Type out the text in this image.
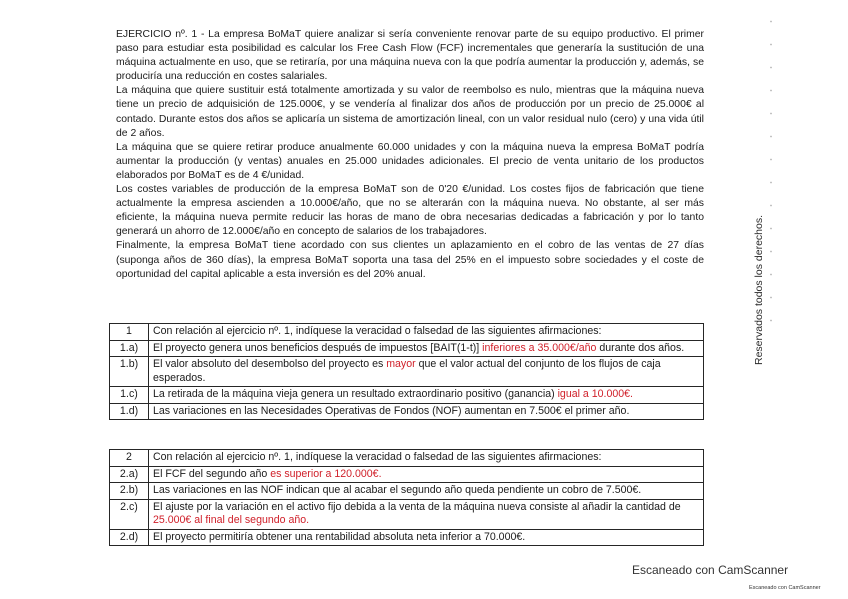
EJERCICIO nº. 1 - La empresa BoMaT quiere analizar si sería conveniente renovar parte de su equipo productivo. El primer paso para estudiar esta posibilidad es calcular los Free Cash Flow (FCF) incrementales que generaría la sustitución de una máquina actualmente en uso, que se retiraría, por una máquina nueva con la que podría aumentar la producción y, además, se produciría una reducción en costes salariales.

La máquina que quiere sustituir está totalmente amortizada y su valor de reembolso es nulo, mientras que la máquina nueva tiene un precio de adquisición de 125.000€, y se vendería al finalizar dos años de producción por un precio de 25.000€ al contado. Durante estos dos años se aplicaría un sistema de amortización lineal, con un valor residual nulo (cero) y una vida útil de 2 años.

La máquina que se quiere retirar produce anualmente 60.000 unidades y con la máquina nueva la empresa BoMaT podría aumentar la producción (y ventas) anuales en 25.000 unidades adicionales. El precio de venta unitario de los productos elaborados por BoMaT es de 4 €/unidad.

Los costes variables de producción de la empresa BoMaT son de 0'20 €/unidad. Los costes fijos de fabricación que tiene actualmente la empresa ascienden a 10.000€/año, que no se alterarán con la máquina nueva. No obstante, al ser más eficiente, la máquina nueva permite reducir las horas de mano de obra necesarias dedicadas a fabricación y por lo tanto generará un ahorro de 12.000€/año en concepto de salarios de los trabajadores.

Finalmente, la empresa BoMaT tiene acordado con sus clientes un aplazamiento en el cobro de las ventas de 27 días (suponga años de 360 días), la empresa BoMaT soporta una tasa del 25% en el impuesto sobre sociedades y el coste de oportunidad del capital aplicable a esta inversión es del 20% anual.

1	Con relación al ejercicio nº. 1, indíquese la veracidad o falsedad de las siguientes afirmaciones:
1.a)	El proyecto genera unos beneficios después de impuestos [BAIT(1-t)] inferiores a 35.000€/año durante dos años.
1.b)	El valor absoluto del desembolso del proyecto es mayor que el valor actual del conjunto de los flujos de caja esperados.
1.c)	La retirada de la máquina vieja genera un resultado extraordinario positivo (ganancia) igual a 10.000€.
1.d)	Las variaciones en las Necesidades Operativas de Fondos (NOF) aumentan en 7.500€ el primer año.
2	Con relación al ejercicio nº. 1, indíquese la veracidad o falsedad de las siguientes afirmaciones:
2.a)	El FCF del segundo año es superior a 120.000€.
2.b)	Las variaciones en las NOF indican que al acabar el segundo año queda pendiente un cobro de 7.500€.
2.c)	El ajuste por la variación en el activo fijo debida a la venta de la máquina nueva consiste al añadir la cantidad de 25.000€ al final del segundo año.
2.d)	El proyecto permitiría obtener una rentabilidad absoluta neta inferior a 70.000€.
Reservados todos los derechos.
Escaneado con CamScanner
Escaneado con CamScanner
